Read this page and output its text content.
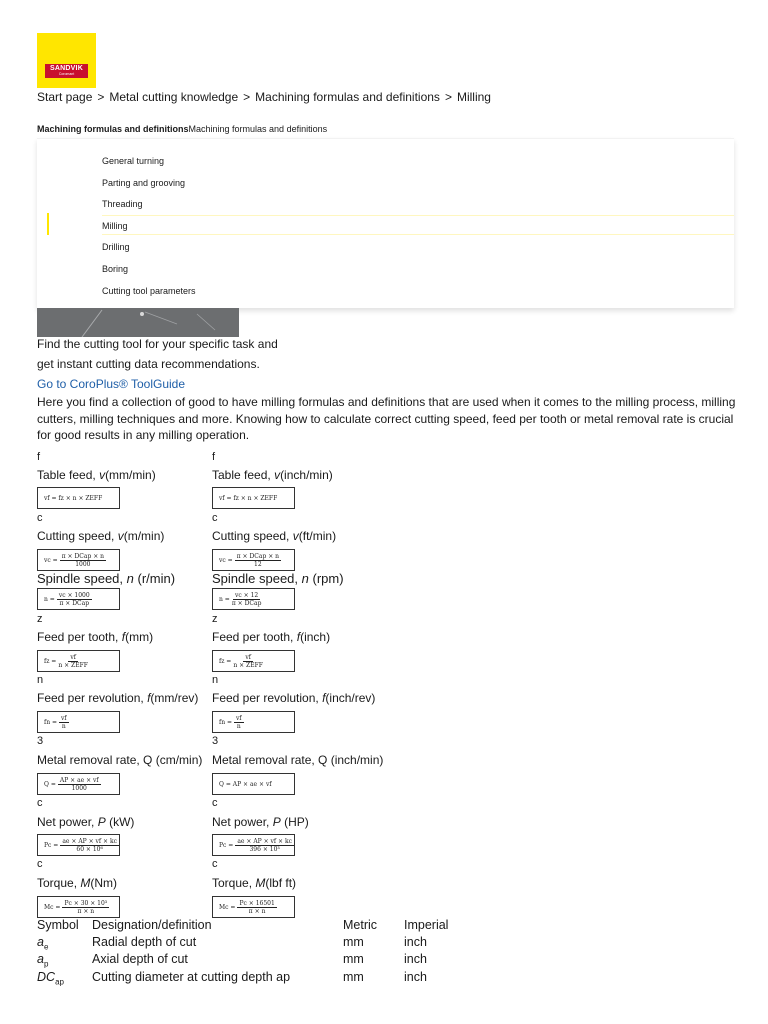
SANDVIK
Coromant
Start page > Metal cutting knowledge > Machining formulas and definitions > Milling
Machining formulas and definitionsMachining formulas and definitions
General turning
Parting and grooving
Threading
Milling
Drilling
Boring
Cutting tool parameters
Find the cutting tool for your specific task and
get instant cutting data recommendations.
Go to CoroPlus® ToolGuide
Here you find a collection of good to have milling formulas and definitions that are used when it comes to the milling process, milling cutters, milling techniques and more. Knowing how to calculate correct cutting speed, feed per tooth or metal removal rate is crucial for good results in any milling operation.
f	f
Table feed, v(mm/min)	Table feed, v(inch/min)
vf = fz × n × ZEFF	vf = fz × n × ZEFF
c	c
Cutting speed, v(m/min)	Cutting speed, v(ft/min)
vc = $\frac{\text{π × DCap × n}}{1000}$	vc = $\frac{\text{π × DCap × n}}{12}$
Spindle speed, n (r/min)	Spindle speed, n (rpm)
$n = \frac{vc \times 1000}{\text{π × DCap}}$	$n = \frac{vc \times 12}{\text{π × DCap}}$
z	z
Feed per tooth, f(mm)	Feed per tooth, f(inch)
fz = $\frac{vf}{\text{n × ZEFF}}$	fz = $\frac{vf}{\text{n × ZEFF}}$
n	n
Feed per revolution, f(mm/rev) Feed per revolution, f(inch/rev)
fn = $\frac{vf}{n}$	fn = $\frac{vf}{n}$
3	3
Metal removal rate, Q (cm/min) Metal removal rate, Q (inch/min)
$Q = \frac{AP \times ae \times vf}{1000}$	Q = AP × ae × vf
c	c
Net power, P (kW)	Net power, P (HP)
$Pc = \frac{ae \times AP \times vf \times kc}{\text{60 × 10⁶}}$	$Pc = \frac{ae \times AP \times vf \times kc}{\text{396 × 10³}}$
c	c
Torque, M(Nm)	Torque, M(lbf ft)
$Mc = \frac{\text{Pc × 30 × 10³}}{\pi \times n}$	$Mc = \frac{Pc \times 16501}{\pi \times n}$
Symbol Designation/definition	Metric Imperial
$a_e$	Radial depth of cut	mm	inch
$a_p$	Axial depth of cut	mm	inch
$DC_{ap}$ Cutting diameter at cutting depth ap	mm	inch
